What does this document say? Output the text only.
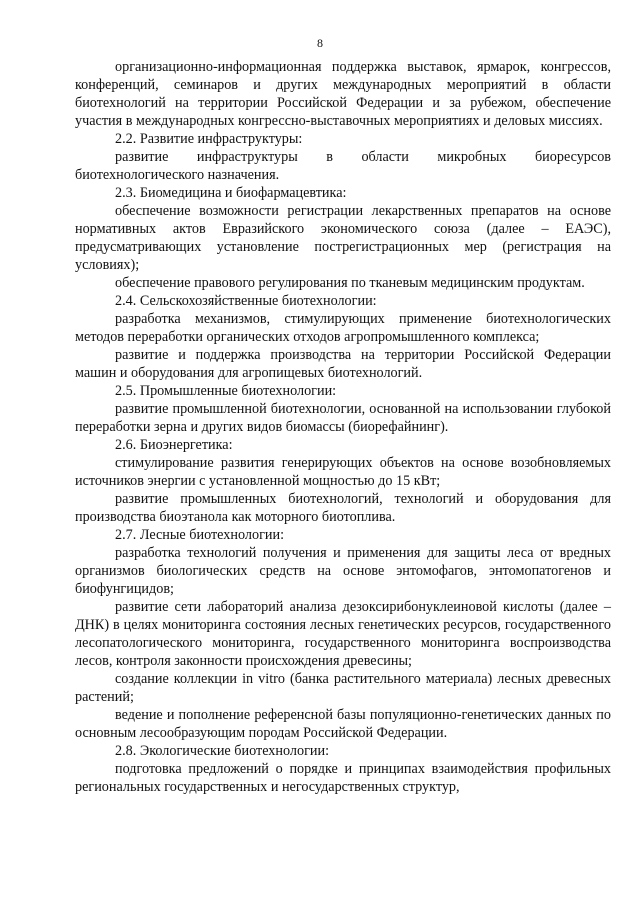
8

организационно-информационная поддержка выставок, ярмарок, конгрессов, конференций, семинаров и других международных мероприятий в области биотехнологий на территории Российской Федерации и за рубежом, обеспечение участия в международных конгрессно-выставочных мероприятиях и деловых миссиях.

2.2. Развитие инфраструктуры:

развитие инфраструктуры в области микробных биоресурсов биотехнологического назначения.

2.3. Биомедицина и биофармацевтика:

обеспечение возможности регистрации лекарственных препаратов на основе нормативных актов Евразийского экономического союза (далее – ЕАЭС), предусматривающих установление пострегистрационных мер (регистрация на условиях);

обеспечение правового регулирования по тканевым медицинским продуктам.

2.4. Сельскохозяйственные биотехнологии:

разработка механизмов, стимулирующих применение биотехнологических методов переработки органических отходов агропромышленного комплекса;

развитие и поддержка производства на территории Российской Федерации машин и оборудования для агропищевых биотехнологий.

2.5. Промышленные биотехнологии:

развитие промышленной биотехнологии, основанной на использовании глубокой переработки зерна и других видов биомассы (биорефайнинг).

2.6. Биоэнергетика:

стимулирование развития генерирующих объектов на основе возобновляемых источников энергии с установленной мощностью до 15 кВт;

развитие промышленных биотехнологий, технологий и оборудования для производства биоэтанола как моторного биотоплива.

2.7. Лесные биотехнологии:

разработка технологий получения и применения для защиты леса от вредных организмов биологических средств на основе энтомофагов, энтомопатогенов и биофунгицидов;

развитие сети лабораторий анализа дезоксирибонуклеиновой кислоты (далее – ДНК) в целях мониторинга состояния лесных генетических ресурсов, государственного лесопатологического мониторинга, государственного мониторинга воспроизводства лесов, контроля законности происхождения древесины;

создание коллекции in vitro (банка растительного материала) лесных древесных растений;

ведение и пополнение референсной базы популяционно-генетических данных по основным лесообразующим породам Российской Федерации.

2.8. Экологические биотехнологии:

подготовка предложений о порядке и принципах взаимодействия профильных региональных государственных и негосударственных структур,
